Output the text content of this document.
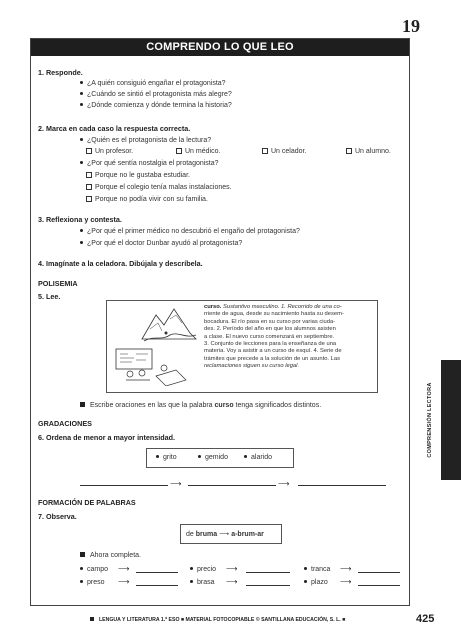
19
COMPRENDO LO QUE LEO
1. Responde.
¿A quién consiguió engañar el protagonista?
¿Cuándo se sintió el protagonista más alegre?
¿Dónde comienza y dónde termina la historia?
2. Marca en cada caso la respuesta correcta.
¿Quién es el protagonista de la lectura?
Un profesor.	Un médico.	Un celador.	Un alumno.
¿Por qué sentía nostalgia el protagonista?
Porque no le gustaba estudiar.
Porque el colegio tenía malas instalaciones.
Porque no podía vivir con su familia.
3. Reflexiona y contesta.
¿Por qué el primer médico no descubrió el engaño del protagonista?
¿Por qué el doctor Dunbar ayudó al protagonista?
4. Imagínate a la celadora. Dibújala y descríbela.
POLISEMIA
5. Lee.
curso. Sustantivo masculino. 1. Recorrido de una co-
rriente de agua, desde su nacimiento hasta su desem-
bocadura. El río pasa en su curso por varias ciuda-
des. 2. Período del año en que los alumnos asisten
a clase. El nuevo curso comenzará en septiembre.
3. Conjunto de lecciones para la enseñanza de una
materia. Voy a asistir a un curso de esquí. 4. Serie de
trámites que precede a la solución de un asunto. Las
reclamaciones siguen su curso legal.
Escribe oraciones en las que la palabra curso tenga significados distintos.
GRADACIONES
6. Ordena de menor a mayor intensidad.
grito	gemido	alarido
⟶	⟶
FORMACIÓN DE PALABRAS
7. Observa.
de bruma ⟶ a-brum-ar
Ahora completa.
campo ⟶	precio ⟶	tranca ⟶
preso ⟶	brasa ⟶	plazo ⟶
COMPRENSIÓN LECTORA
LENGUA Y LITERATURA 1.º ESO ■ MATERIAL FOTOCOPIABLE © SANTILLANA EDUCACIÓN, S. L. ■	425
